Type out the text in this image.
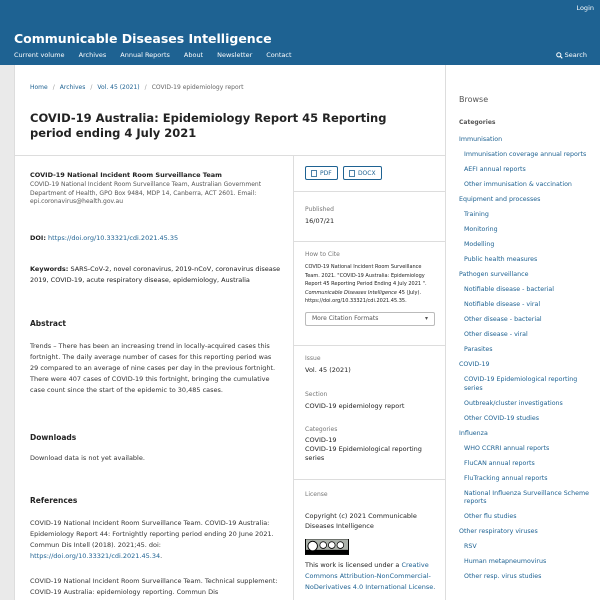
Login
Communicable Diseases Intelligence
Current volume Archives Annual Reports About Newsletter Contact	Search
Home / Archives / Vol. 45 (2021) / COVID-19 epidemiology report
COVID-19 Australia: Epidemiology Report 45 Reporting period ending 4 July 2021
COVID-19 National Incident Room Surveillance Team
COVID-19 National Incident Room Surveillance Team, Australian Government Department of Health, GPO Box 9484, MDP 14, Canberra, ACT 2601. Email: epi.coronavirus@health.gov.au
DOI: https://doi.org/10.33321/cdi.2021.45.35
Keywords: SARS-CoV-2, novel coronavirus, 2019-nCoV, coronavirus disease 2019, COVID-19, acute respiratory disease, epidemiology, Australia
Abstract
Trends – There has been an increasing trend in locally-acquired cases this fortnight. The daily average number of cases for this reporting period was 29 compared to an average of nine cases per day in the previous fortnight. There were 407 cases of COVID-19 this fortnight, bringing the cumulative case count since the start of the epidemic to 30,485 cases.
Downloads
Download data is not yet available.
References
COVID-19 National Incident Room Surveillance Team. COVID-19 Australia: Epidemiology Report 44: Fortnightly reporting period ending 20 June 2021. Commun Dis Intell (2018). 2021;45. doi: https://doi.org/10.33321/cdi.2021.45.34.
COVID-19 National Incident Room Surveillance Team. Technical supplement: COVID-19 Australia: epidemiology reporting. Commun Dis
PDF
	DOCX
Published
16/07/21
How to Cite
COVID-19 National Incident Room Surveillance Team. 2021. "COVID-19 Australia: Epidemiology Report 45 Reporting Period Ending 4 July 2021 ". Communicable Diseases Intelligence 45 (July). https://doi.org/10.33321/cdi.2021.45.35.
More Citation Formats	▾
Issue
Vol. 45 (2021)
Section
COVID-19 epidemiology report
Categories
COVID-19
COVID-19 Epidemiological reporting series
License
Copyright (c) 2021 Communicable Diseases Intelligence
This work is licensed under a Creative Commons Attribution-NonCommercial-NoDerivatives 4.0 International License.
Browse
Categories
Immunisation
Immunisation coverage annual reports
AEFI annual reports
Other immunisation & vaccination
Equipment and processes
Training
Monitoring
Modelling
Public health measures
Pathogen surveillance
Notifiable disease - bacterial
Notifiable disease - viral
Other disease - bacterial
Other disease - viral
Parasites
COVID-19
COVID-19 Epidemiological reporting series
Outbreak/cluster investigations
Other COVID-19 studies
Influenza
WHO CCRRI annual reports
FluCAN annual reports
FluTracking annual reports
National Influenza Surveillance Scheme reports
Other flu studies
Other respiratory viruses
RSV
Human metapneumovirus
Other resp. virus studies
